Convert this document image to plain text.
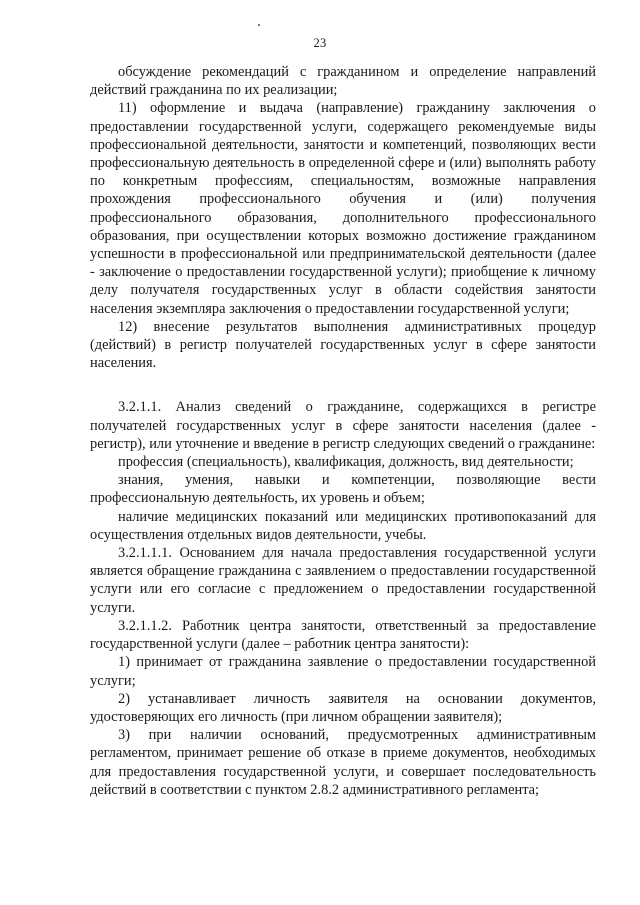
23

обсуждение рекомендаций с гражданином и определение направлений действий гражданина по их реализации;

11) оформление и выдача (направление) гражданину заключения о предоставлении государственной услуги, содержащего рекомендуемые виды профессиональной деятельности, занятости и компетенций, позволяющих вести профессиональную деятельность в определенной сфере и (или) выполнять работу по конкретным профессиям, специальностям, возможные направления прохождения профессионального обучения и (или) получения профессионального образования, дополнительного профессионального образования, при осуществлении которых возможно достижение гражданином успешности в профессиональной или предпринимательской деятельности (далее - заключение о предоставлении государственной услуги); приобщение к личному делу получателя государственных услуг в области содействия занятости населения экземпляра заключения о предоставлении государственной услуги;

12) внесение результатов выполнения административных процедур (действий) в регистр получателей государственных услуг в сфере занятости населения.

3.2.1.1. Анализ сведений о гражданине, содержащихся в регистре получателей государственных услуг в сфере занятости населения (далее - регистр), или уточнение и введение в регистр следующих сведений о гражданине:

профессия (специальность), квалификация, должность, вид деятельности;

знания, умения, навыки и компетенции, позволяющие вести профессиональную деятельность, их уровень и объем;

наличие медицинских показаний или медицинских противопоказаний для осуществления отдельных видов деятельности, учебы.

3.2.1.1.1. Основанием для начала предоставления государственной услуги является обращение гражданина с заявлением о предоставлении государственной услуги или его согласие с предложением о предоставлении государственной услуги.

3.2.1.1.2. Работник центра занятости, ответственный за предоставление государственной услуги (далее – работник центра занятости):

1) принимает от гражданина заявление о предоставлении государственной услуги;

2) устанавливает личность заявителя на основании документов, удостоверяющих его личность (при личном обращении заявителя);

3) при наличии оснований, предусмотренных административным регламентом, принимает решение об отказе в приеме документов, необходимых для предоставления государственной услуги, и совершает последовательность действий в соответствии с пунктом 2.8.2 административного регламента;
